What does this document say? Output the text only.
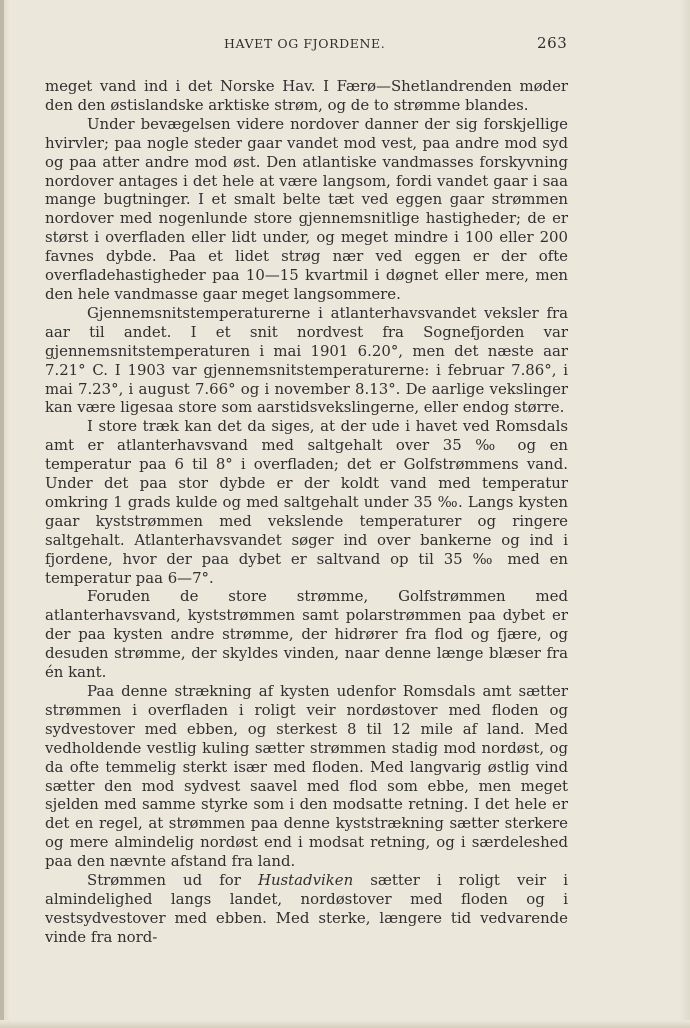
HAVET OG FJORDENE.	263

meget vand ind i det Norske Hav. I Færø—Shetlandrenden møder den den østislandske arktiske strøm, og de to strømme blandes.

Under bevægelsen videre nordover danner der sig forskjellige hvirvler; paa nogle steder gaar vandet mod vest, paa andre mod syd og paa atter andre mod øst. Den atlantiske vandmasses forskyvning nordover antages i det hele at være langsom, fordi vandet gaar i saa mange bugtninger. I et smalt belte tæt ved eggen gaar strømmen nordover med nogenlunde store gjennemsnitlige hastigheder; de er størst i overfladen eller lidt under, og meget mindre i 100 eller 200 favnes dybde. Paa et lidet strøg nær ved eggen er der ofte overfladehastigheder paa 10—15 kvartmil i døgnet eller mere, men den hele vandmasse gaar meget langsommere.

Gjennemsnitstemperaturerne i atlanterhavsvandet veksler fra aar til andet. I et snit nordvest fra Sognefjorden var gjennemsnitstemperaturen i mai 1901 6.20°, men det næste aar 7.21° C. I 1903 var gjennemsnitstemperaturerne: i februar 7.86°, i mai 7.23°, i august 7.66° og i november 8.13°. De aarlige vekslinger kan være ligesaa store som aarstidsvekslingerne, eller endog større.

I store træk kan det da siges, at der ude i havet ved Romsdals amt er atlanterhavsvand med saltgehalt over 35 ‰ og en temperatur paa 6 til 8° i overfladen; det er Golfstrømmens vand. Under det paa stor dybde er der koldt vand med temperatur omkring 1 grads kulde og med saltgehalt under 35 ‰. Langs kysten gaar kyststrømmen med vekslende temperaturer og ringere saltgehalt. Atlanterhavsvandet søger ind over bankerne og ind i fjordene, hvor der paa dybet er saltvand op til 35 ‰ med en temperatur paa 6—7°.

Foruden de store strømme, Golfstrømmen med atlanterhavsvand, kyststrømmen samt polarstrømmen paa dybet er der paa kysten andre strømme, der hidrører fra flod og fjære, og desuden strømme, der skyldes vinden, naar denne længe blæser fra én kant.

Paa denne strækning af kysten udenfor Romsdals amt sætter strømmen i overfladen i roligt veir nordøstover med floden og sydvestover med ebben, og sterkest 8 til 12 mile af land. Med vedholdende vestlig kuling sætter strømmen stadig mod nordøst, og da ofte temmelig sterkt især med floden. Med langvarig østlig vind sætter den mod sydvest saavel med flod som ebbe, men meget sjelden med samme styrke som i den modsatte retning. I det hele er det en regel, at strømmen paa denne kyststrækning sætter sterkere og mere almindelig nordøst end i modsat retning, og i særdeleshed paa den nævnte afstand fra land.

Strømmen ud for Hustadviken sætter i roligt veir i almindelighed langs landet, nordøstover med floden og i vestsydvestover med ebben. Med sterke, længere tid vedvarende vinde fra nord-
